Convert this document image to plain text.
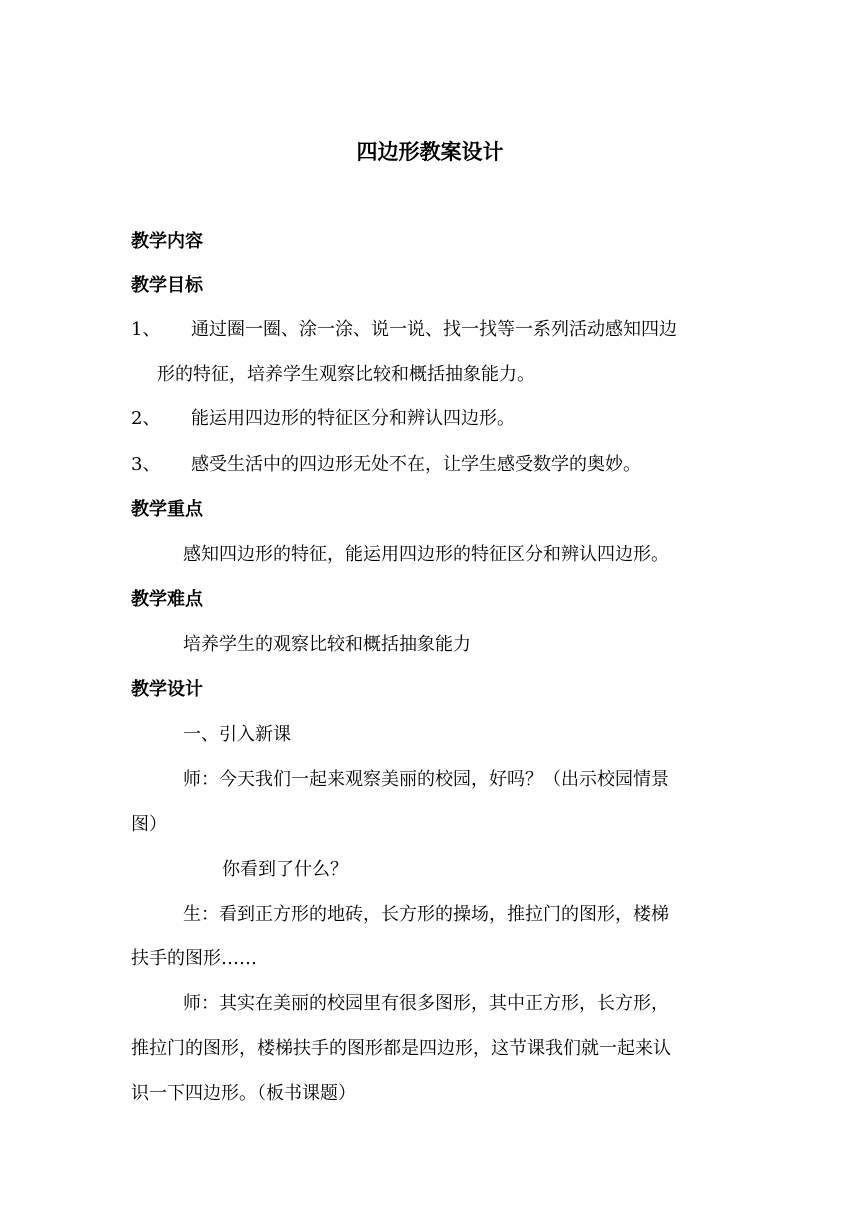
四边形教案设计
教学内容
教学目标
1、 通过圈一圈、涂一涂、说一说、找一找等一系列活动感知四边
形的特征，培养学生观察比较和概括抽象能力。
2、 能运用四边形的特征区分和辨认四边形。
3、 感受生活中的四边形无处不在，让学生感受数学的奥妙。
教学重点
感知四边形的特征，能运用四边形的特征区分和辨认四边形。
教学难点
培养学生的观察比较和概括抽象能力
教学设计
一、引入新课
师：今天我们一起来观察美丽的校园，好吗？（出示校园情景
图）
你看到了什么？
生：看到正方形的地砖，长方形的操场，推拉门的图形，楼梯
扶手的图形……
师：其实在美丽的校园里有很多图形，其中正方形，长方形，
推拉门的图形，楼梯扶手的图形都是四边形，这节课我们就一起来认
识一下四边形。（板书课题）
